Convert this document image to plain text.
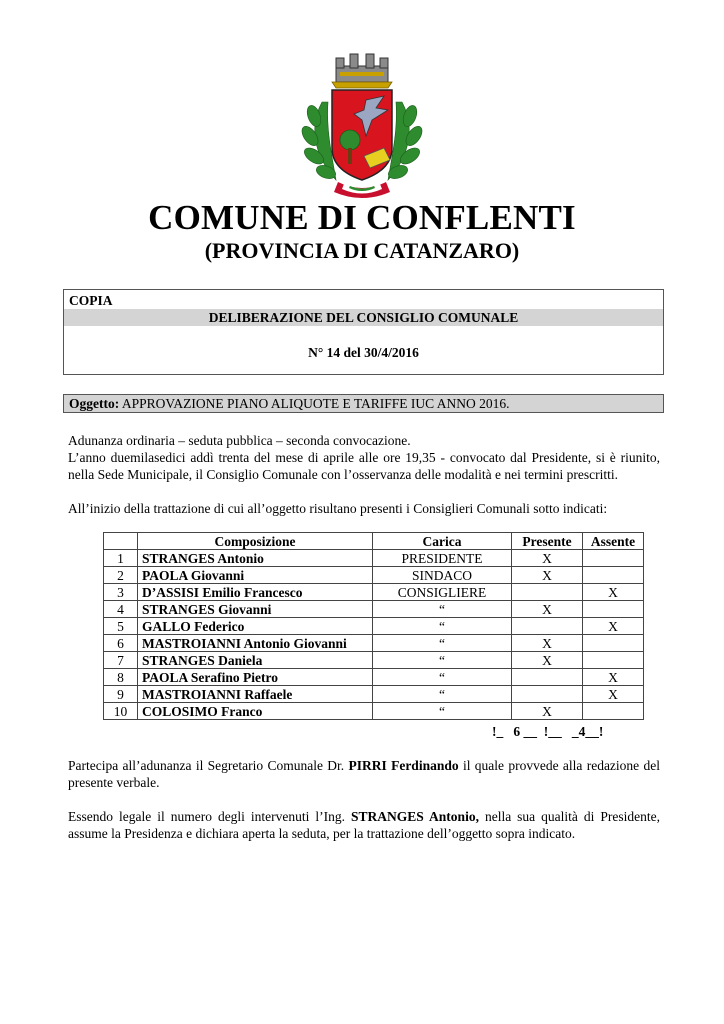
COMUNE DI CONFLENTI
(PROVINCIA DI CATANZARO)
COPIA
DELIBERAZIONE DEL CONSIGLIO COMUNALE
N° 14 del 30/4/2016
Oggetto: APPROVAZIONE PIANO ALIQUOTE E TARIFFE IUC ANNO 2016.

Adunanza ordinaria – seduta pubblica – seconda convocazione.

L’anno duemilasedici addì trenta del mese di aprile alle ore 19,35 - convocato dal Presidente, si è riunito, nella Sede Municipale, il Consiglio Comunale con l’osservanza delle modalità e nei termini prescritti.

All’inizio della trattazione di cui all’oggetto risultano presenti i Consiglieri Comunali sotto indicati:

	Composizione	Carica	Presente	Assente
1	STRANGES Antonio	PRESIDENTE	X	
2	PAOLA Giovanni	SINDACO	X	
3	D’ASSISI Emilio Francesco	CONSIGLIERE		X
4	STRANGES Giovanni	“	X	
5	GALLO Federico	“		X
6	MASTROIANNI Antonio Giovanni	“	X	
7	STRANGES Daniela	“	X	
8	PAOLA Serafino Pietro	“		X
9	MASTROIANNI Raffaele	“		X
10	COLOSIMO Franco	“	X	
!_   6 __  !__   _4__!

Partecipa all’adunanza il Segretario Comunale Dr. PIRRI Ferdinando il quale provvede alla redazione del presente verbale.

Essendo legale il numero degli intervenuti l’Ing. STRANGES Antonio, nella sua qualità di Presidente, assume la Presidenza e dichiara aperta la seduta, per la trattazione dell’oggetto sopra indicato.
